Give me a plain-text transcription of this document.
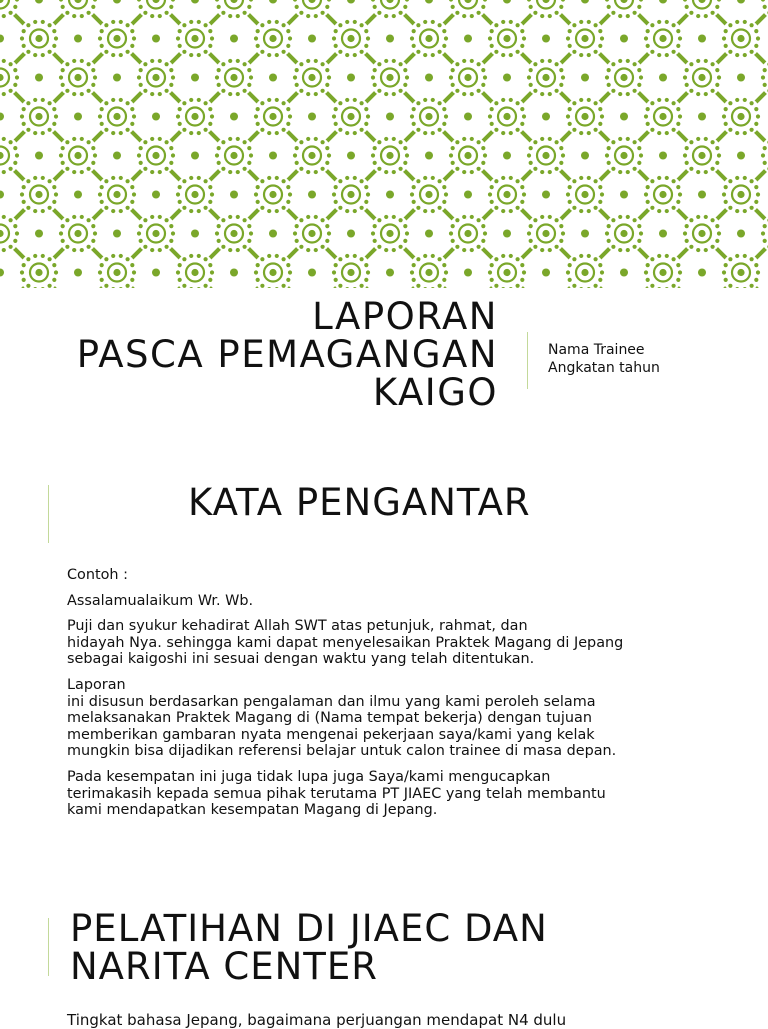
LAPORAN
PASCA PEMAGANGAN
KAIGO
Nama Trainee
Angkatan tahun
KATA PENGANTAR

Contoh :

Assalamualaikum Wr. Wb.

Puji dan syukur kehadirat Allah SWT atas petunjuk, rahmat, dan
hidayah Nya. sehingga kami dapat menyelesaikan Praktek Magang di Jepang
sebagai kaigoshi ini sesuai dengan waktu yang telah ditentukan.

Laporan
ini disusun berdasarkan pengalaman dan ilmu yang kami peroleh selama
melaksanakan Praktek Magang di (Nama tempat bekerja) dengan tujuan
memberikan gambaran nyata mengenai pekerjaan saya/kami yang kelak
mungkin bisa dijadikan referensi belajar untuk calon trainee di masa depan.

Pada kesempatan ini juga tidak lupa juga Saya/kami mengucapkan
terimakasih kepada semua pihak terutama PT JIAEC yang telah membantu
kami mendapatkan kesempatan Magang di Jepang.

PELATIHAN DI JIAEC DAN
NARITA CENTER
Tingkat bahasa Jepang, bagaimana perjuangan mendapat N4 dulu
